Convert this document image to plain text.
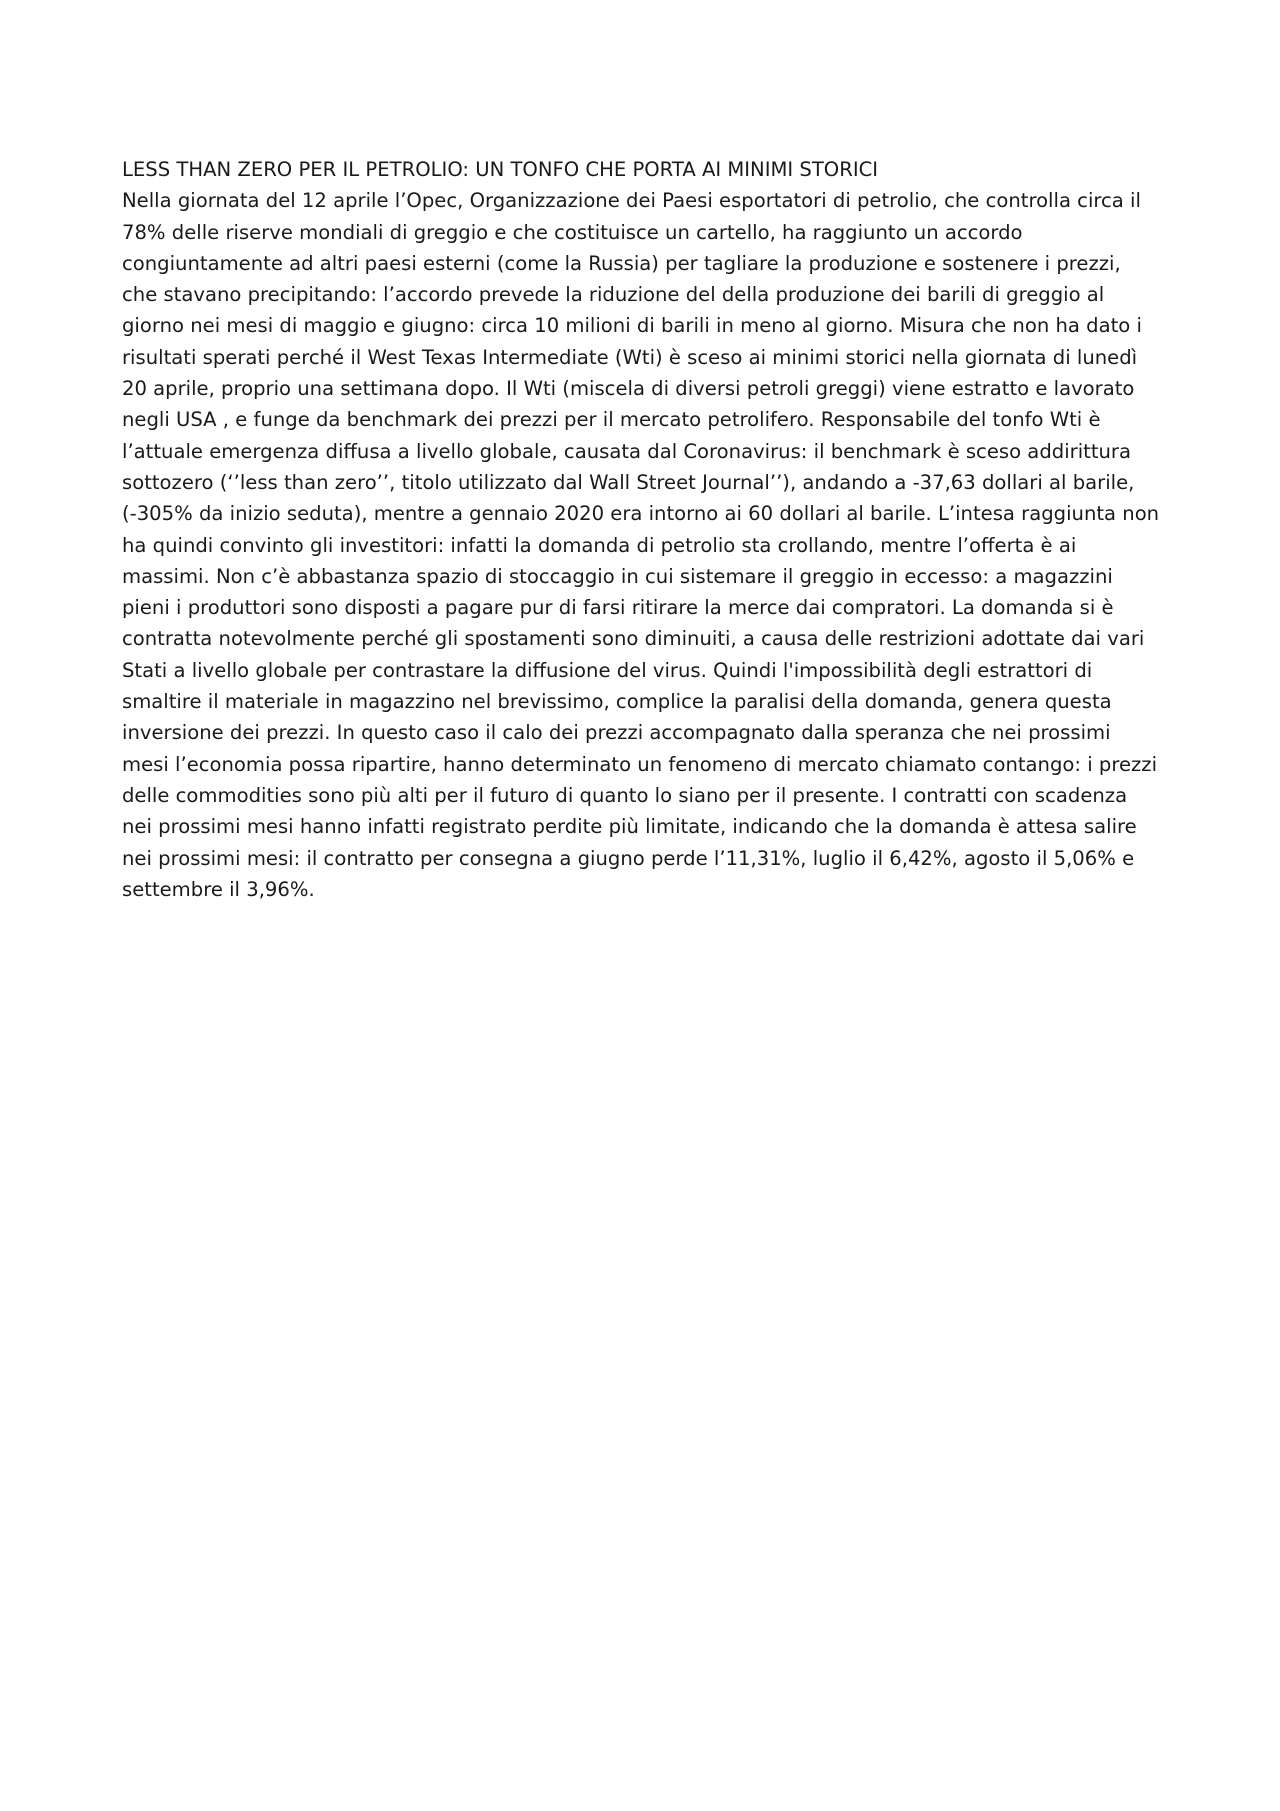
LESS THAN ZERO PER IL PETROLIO: UN TONFO CHE PORTA AI MINIMI STORICI

Nella giornata del 12 aprile l’Opec, Organizzazione dei Paesi esportatori di petrolio, che controlla circa il 78% delle riserve mondiali di greggio e che costituisce un cartello, ha raggiunto un accordo congiuntamente ad altri paesi esterni (come la Russia) per tagliare la produzione e sostenere i prezzi, che stavano precipitando: l’accordo prevede la riduzione del della produzione dei barili di greggio al giorno nei mesi di maggio e giugno: circa 10 milioni di barili in meno al giorno. Misura che non ha dato i risultati sperati perché il West Texas Intermediate (Wti) è sceso ai minimi storici nella giornata di lunedì 20 aprile, proprio una settimana dopo. Il Wti (miscela di diversi petroli greggi) viene estratto e lavorato negli USA , e funge da benchmark dei prezzi per il mercato petrolifero. Responsabile del tonfo Wti è l’attuale emergenza diffusa a livello globale, causata dal Coronavirus: il benchmark è sceso addirittura sottozero (‘’less than zero’’, titolo utilizzato dal Wall Street Journal’’), andando a -37,63 dollari al barile, (-305% da inizio seduta), mentre a gennaio 2020 era intorno ai 60 dollari al barile. L’intesa raggiunta non ha quindi convinto gli investitori: infatti la domanda di petrolio sta crollando, mentre l’offerta è ai massimi. Non c’è abbastanza spazio di stoccaggio in cui sistemare il greggio in eccesso: a magazzini pieni i produttori sono disposti a pagare pur di farsi ritirare la merce dai compratori. La domanda si è contratta notevolmente perché gli spostamenti sono diminuiti, a causa delle restrizioni adottate dai vari Stati a livello globale per contrastare la diffusione del virus. Quindi l'impossibilità degli estrattori di smaltire il materiale in magazzino nel brevissimo, complice la paralisi della domanda, genera questa inversione dei prezzi. In questo caso il calo dei prezzi accompagnato dalla speranza che nei prossimi mesi l’economia possa ripartire, hanno determinato un fenomeno di mercato chiamato contango: i prezzi delle commodities sono più alti per il futuro di quanto lo siano per il presente. I contratti con scadenza nei prossimi mesi hanno infatti registrato perdite più limitate, indicando che la domanda è attesa salire nei prossimi mesi: il contratto per consegna a giugno perde l’11,31%, luglio il 6,42%, agosto il 5,06% e settembre il 3,96%.
